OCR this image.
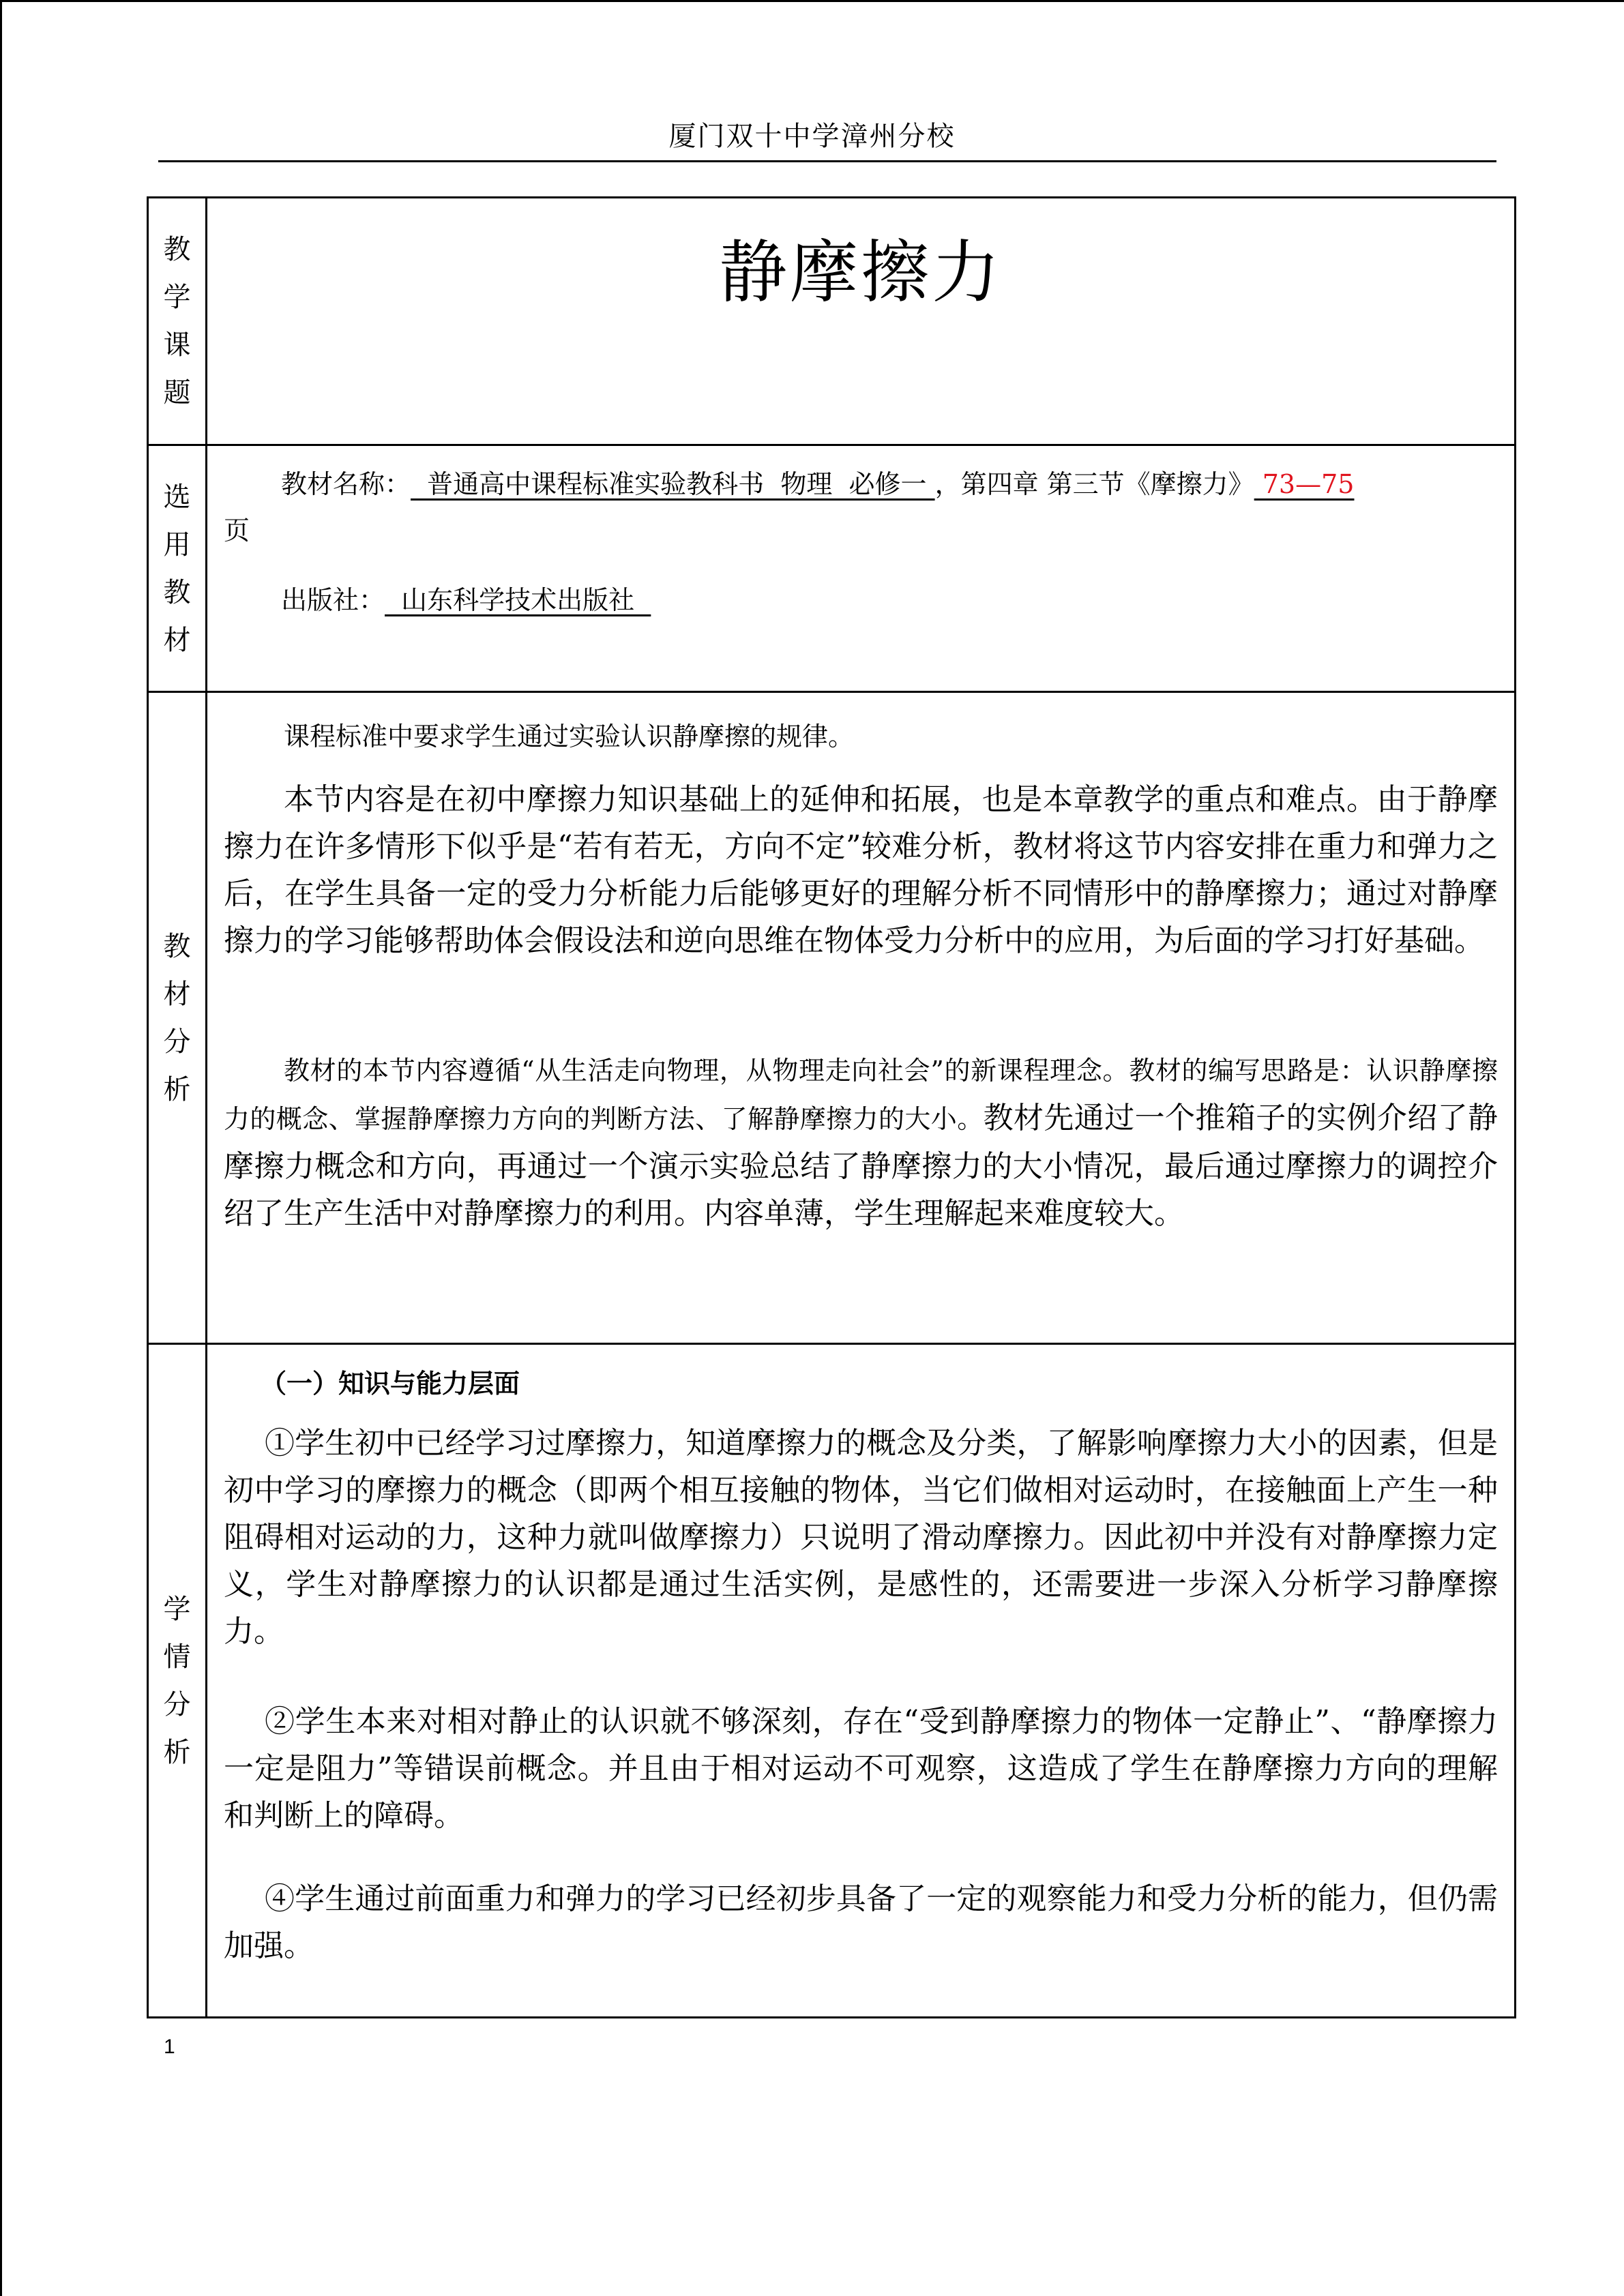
厦门双十中学漳州分校
教学课题
静摩擦力
选用教材
教材名称：  普通高中课程标准实验教科书  物理  必修一 ，第四章 第三节《摩擦力》 73—75
页
出版社：  山东科学技术出版社
教材分析
课程标准中要求学生通过实验认识静摩擦的规律。
本节内容是在初中摩擦力知识基础上的延伸和拓展，也是本章教学的重点和难点。由于静摩擦力在许多情形下似乎是“若有若无，方向不定”较难分析，教材将这节内容安排在重力和弹力之后，在学生具备一定的受力分析能力后能够更好的理解分析不同情形中的静摩擦力；通过对静摩擦力的学习能够帮助体会假设法和逆向思维在物体受力分析中的应用，为后面的学习打好基础。
教材的本节内容遵循“从生活走向物理，从物理走向社会”的新课程理念。教材的编写思路是：认识静摩擦力的概念、掌握静摩擦力方向的判断方法、了解静摩擦力的大小。教材先通过一个推箱子的实例介绍了静摩擦力概念和方向，再通过一个演示实验总结了静摩擦力的大小情况，最后通过摩擦力的调控介绍了生产生活中对静摩擦力的利用。内容单薄，学生理解起来难度较大。
学情分析
（一）知识与能力层面
①学生初中已经学习过摩擦力，知道摩擦力的概念及分类，了解影响摩擦力大小的因素，但是初中学习的摩擦力的概念（即两个相互接触的物体，当它们做相对运动时，在接触面上产生一种阻碍相对运动的力，这种力就叫做摩擦力）只说明了滑动摩擦力。因此初中并没有对静摩擦力定义，学生对静摩擦力的认识都是通过生活实例，是感性的，还需要进一步深入分析学习静摩擦力。
②学生本来对相对静止的认识就不够深刻，存在“受到静摩擦力的物体一定静止”、“静摩擦力一定是阻力”等错误前概念。并且由于相对运动不可观察，这造成了学生在静摩擦力方向的理解和判断上的障碍。
④学生通过前面重力和弹力的学习已经初步具备了一定的观察能力和受力分析的能力，但仍需加强。
1
